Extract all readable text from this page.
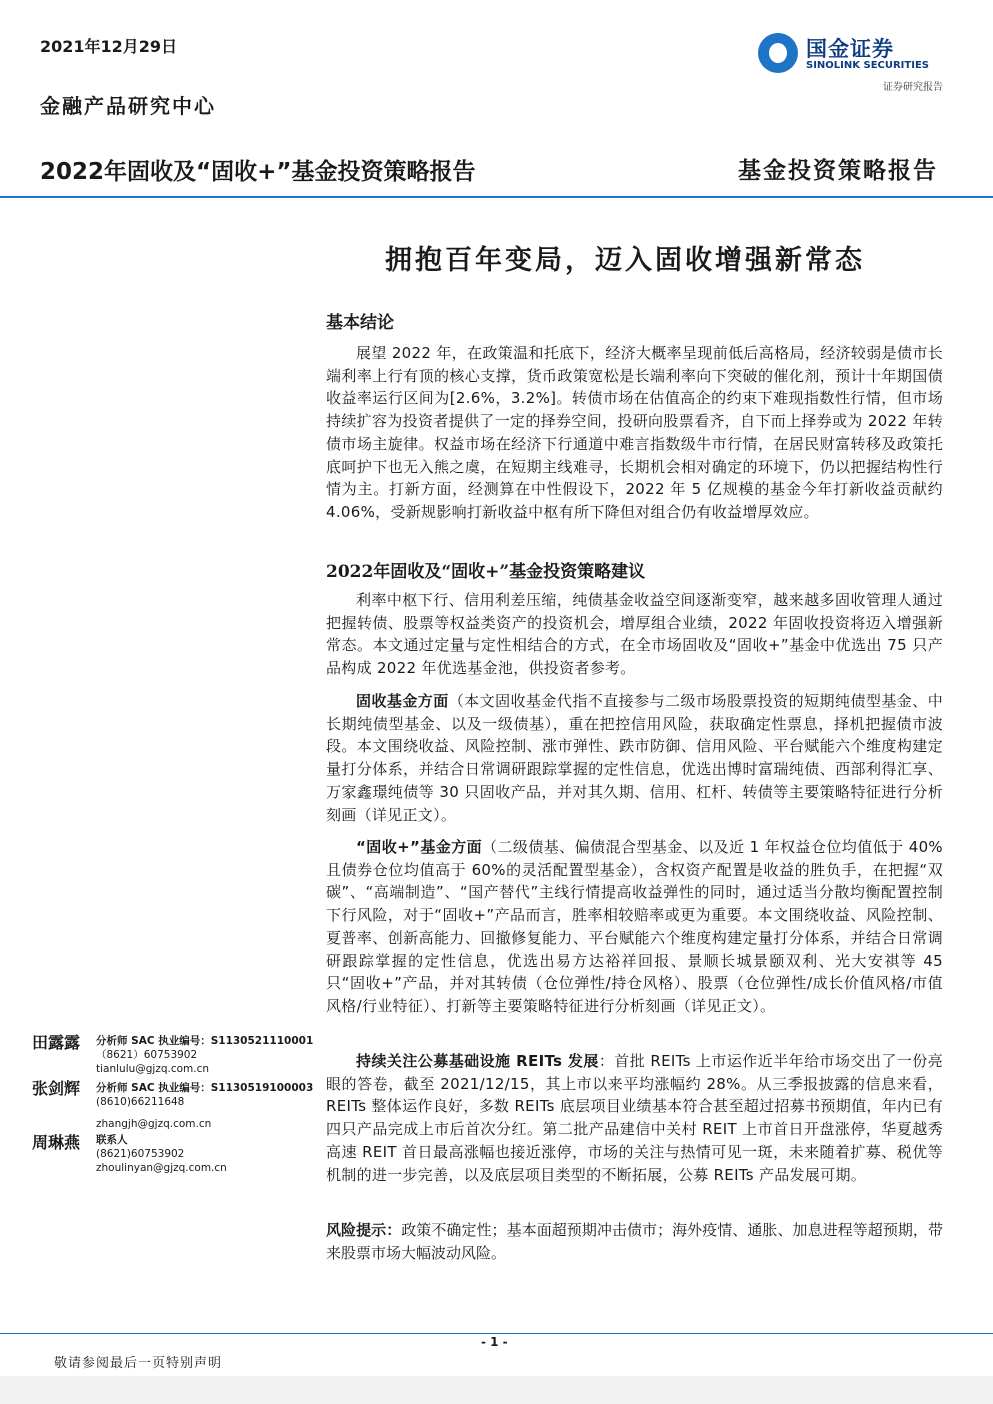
2021年12月29日
金融产品研究中心
国金证券
SINOLINK SECURITIES
证券研究报告
2022年固收及“固收+”基金投资策略报告	基金投资策略报告
拥抱百年变局，迈入固收增强新常态
基本结论
展望 2022 年，在政策温和托底下，经济大概率呈现前低后高格局，经济较弱是债市长端利率上行有顶的核心支撑，货币政策宽松是长端利率向下突破的催化剂，预计十年期国债收益率运行区间为[2.6%，3.2%]。转债市场在估值高企的约束下难现指数性行情，但市场持续扩容为投资者提供了一定的择券空间，投研向股票看齐，自下而上择券或为 2022 年转债市场主旋律。权益市场在经济下行通道中难言指数级牛市行情，在居民财富转移及政策托底呵护下也无入熊之虞，在短期主线难寻，长期机会相对确定的环境下，仍以把握结构性行情为主。打新方面，经测算在中性假设下，2022 年 5 亿规模的基金今年打新收益贡献约4.06%，受新规影响打新收益中枢有所下降但对组合仍有收益增厚效应。
2022年固收及“固收+”基金投资策略建议
利率中枢下行、信用利差压缩，纯债基金收益空间逐渐变窄，越来越多固收管理人通过把握转债、股票等权益类资产的投资机会，增厚组合业绩，2022 年固收投资将迈入增强新常态。本文通过定量与定性相结合的方式，在全市场固收及“固收+”基金中优选出 75 只产品构成 2022 年优选基金池，供投资者参考。
固收基金方面（本文固收基金代指不直接参与二级市场股票投资的短期纯债型基金、中长期纯债型基金、以及一级债基），重在把控信用风险，获取确定性票息，择机把握债市波段。本文围绕收益、风险控制、涨市弹性、跌市防御、信用风险、平台赋能六个维度构建定量打分体系，并结合日常调研跟踪掌握的定性信息，优选出博时富瑞纯债、西部利得汇享、万家鑫璟纯债等 30 只固收产品，并对其久期、信用、杠杆、转债等主要策略特征进行分析刻画（详见正文）。
“固收+”基金方面（二级债基、偏债混合型基金、以及近 1 年权益仓位均值低于 40%且债券仓位均值高于 60%的灵活配置型基金），含权资产配置是收益的胜负手，在把握“双碳”、“高端制造”、“国产替代”主线行情提高收益弹性的同时，通过适当分散均衡配置控制下行风险，对于“固收+”产品而言，胜率相较赔率或更为重要。本文围绕收益、风险控制、夏普率、创新高能力、回撤修复能力、平台赋能六个维度构建定量打分体系，并结合日常调研跟踪掌握的定性信息，优选出易方达裕祥回报、景顺长城景颐双利、光大安祺等 45 只“固收+”产品，并对其转债（仓位弹性/持仓风格）、股票（仓位弹性/成长价值风格/市值风格/行业特征）、打新等主要策略特征进行分析刻画（详见正文）。
持续关注公募基础设施 REITs 发展：首批 REITs 上市运作近半年给市场交出了一份亮眼的答卷，截至 2021/12/15，其上市以来平均涨幅约 28%。从三季报披露的信息来看，REITs 整体运作良好，多数 REITs 底层项目业绩基本符合甚至超过招募书预期值，年内已有四只产品完成上市后首次分红。第二批产品建信中关村 REIT 上市首日开盘涨停，华夏越秀高速 REIT 首日最高涨幅也接近涨停，市场的关注与热情可见一斑，未来随着扩募、税优等机制的进一步完善，以及底层项目类型的不断拓展，公募 REITs 产品发展可期。
风险提示：政策不确定性；基本面超预期冲击债市；海外疫情、通胀、加息进程等超预期，带来股票市场大幅波动风险。
田露露 分析师 SAC 执业编号：S1130521110001
（8621）60753902
tianlulu@gjzq.com.cn
张剑辉 分析师 SAC 执业编号：S1130519100003
(8610)66211648
zhangjh@gjzq.com.cn
周琳燕 联系人
(8621)60753902
zhoulinyan@gjzq.com.cn
- 1 -
敬请参阅最后一页特别声明
